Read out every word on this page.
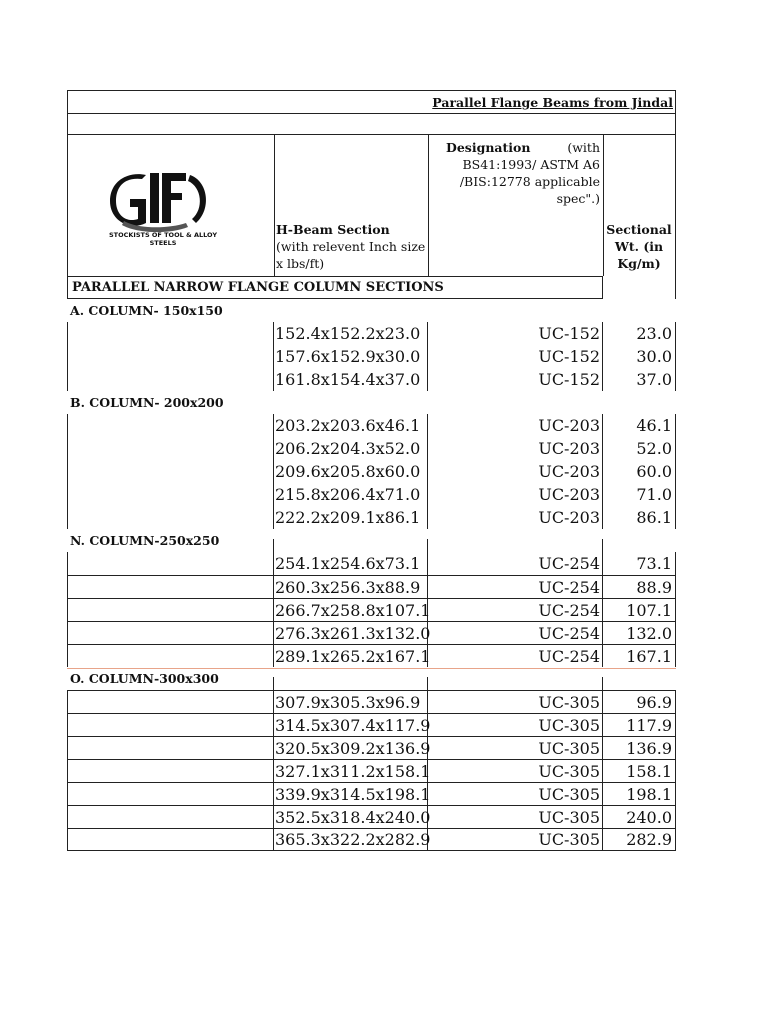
Parallel Flange Beams from Jindal
STOCKISTS OF TOOL & ALLOY STEELS
H-Beam Section (with relevent Inch size x lbs/ft)
Designation	(with
BS41:1993/ ASTM A6 /BIS:12778 applicable spec".)
Sectional Wt. (in Kg/m)
PARALLEL NARROW FLANGE COLUMN SECTIONS
A. COLUMN- 150x150
152.4x152.2x23.0	UC-152	23.0
157.6x152.9x30.0	UC-152	30.0
161.8x154.4x37.0	UC-152	37.0
B. COLUMN- 200x200
203.2x203.6x46.1	UC-203	46.1
206.2x204.3x52.0	UC-203	52.0
209.6x205.8x60.0	UC-203	60.0
215.8x206.4x71.0	UC-203	71.0
222.2x209.1x86.1	UC-203	86.1
N. COLUMN-250x250
254.1x254.6x73.1	UC-254	73.1
260.3x256.3x88.9	UC-254	88.9
266.7x258.8x107.1	UC-254	107.1
276.3x261.3x132.0	UC-254	132.0
289.1x265.2x167.1	UC-254	167.1
O. COLUMN-300x300
307.9x305.3x96.9	UC-305	96.9
314.5x307.4x117.9	UC-305	117.9
320.5x309.2x136.9	UC-305	136.9
327.1x311.2x158.1	UC-305	158.1
339.9x314.5x198.1	UC-305	198.1
352.5x318.4x240.0	UC-305	240.0
365.3x322.2x282.9	UC-305	282.9
